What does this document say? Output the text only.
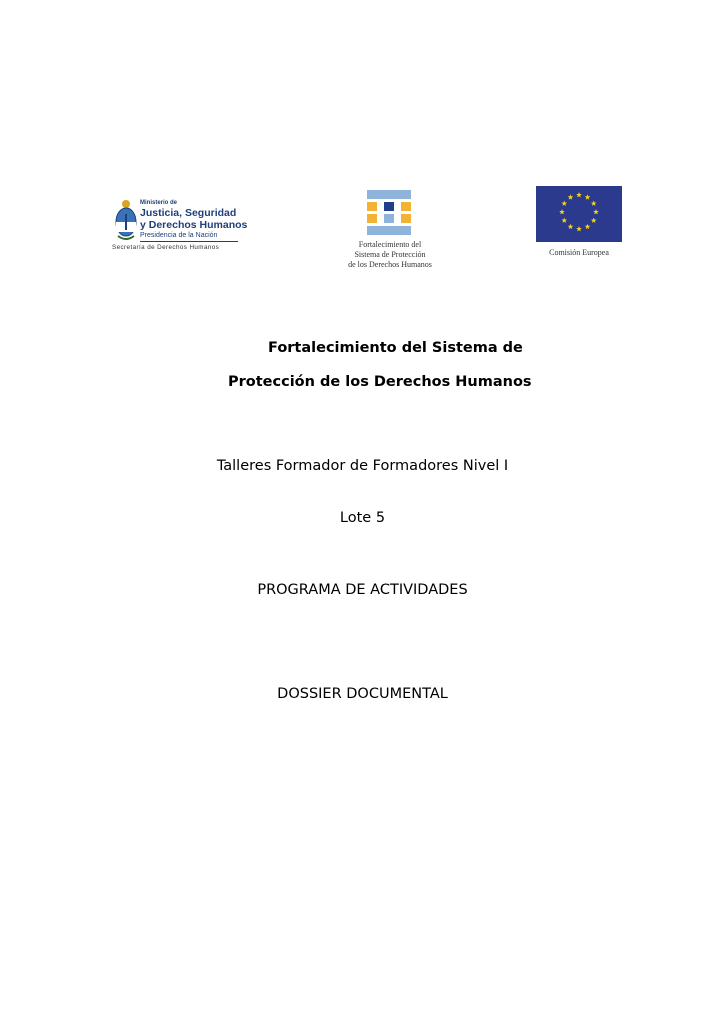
Ministerio de
Justicia, Seguridad
y Derechos Humanos
Presidencia de la Nación
Secretaría de Derechos Humanos	Fortalecimiento del
Sistema de Protección
de los Derechos Humanos
Comisión Europea
Fortalecimiento del Sistema de
Protección de los Derechos Humanos
Talleres Formador de Formadores Nivel I
Lote 5
PROGRAMA DE ACTIVIDADES
DOSSIER DOCUMENTAL
